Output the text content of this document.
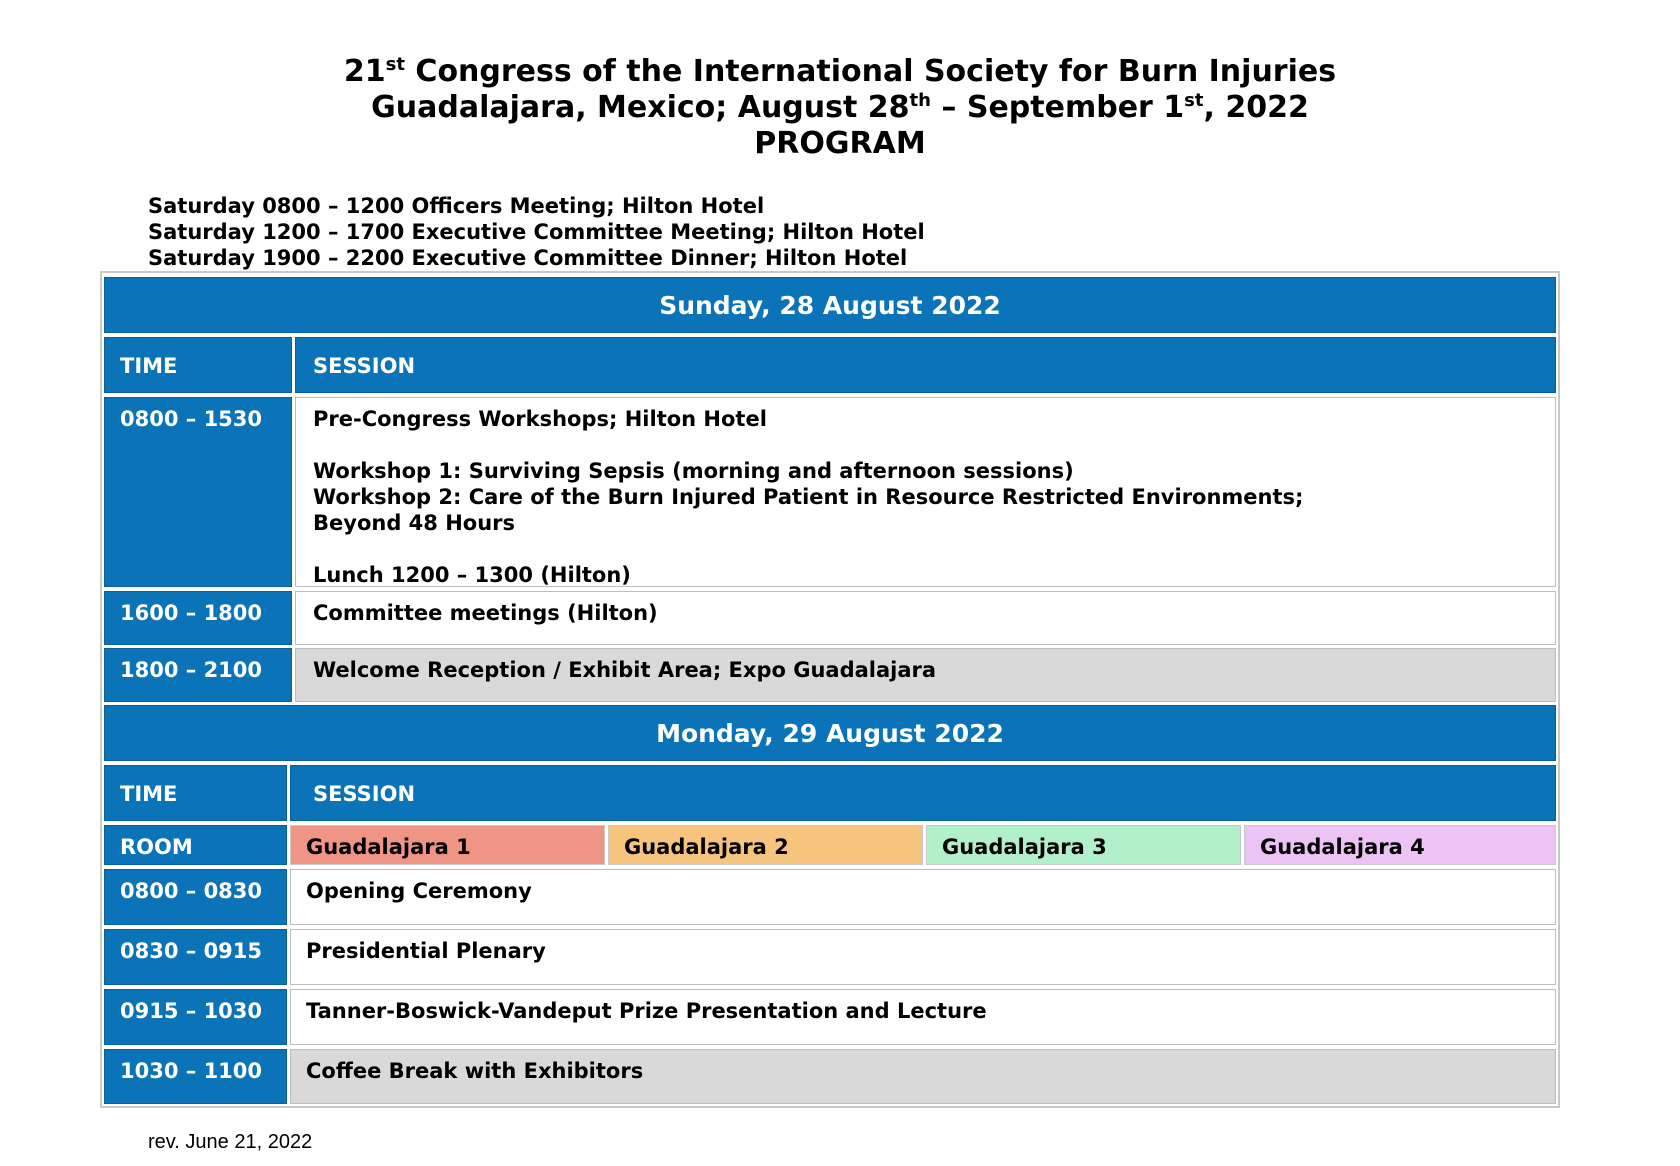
21st Congress of the International Society for Burn Injuries
Guadalajara, Mexico; August 28th – September 1st, 2022
PROGRAM
Saturday 0800 – 1200 Officers Meeting; Hilton Hotel
Saturday 1200 – 1700 Executive Committee Meeting; Hilton Hotel
Saturday 1900 – 2200 Executive Committee Dinner; Hilton Hotel
Sunday, 28 August 2022
TIME	SESSION
0800 – 1530	Pre-Congress Workshops; Hilton Hotel
Workshop 1: Surviving Sepsis (morning and afternoon sessions)
Workshop 2: Care of the Burn Injured Patient in Resource Restricted Environments;
Beyond 48 Hours
Lunch 1200 – 1300 (Hilton)
1600 – 1800	Committee meetings (Hilton)
1800 – 2100	Welcome Reception / Exhibit Area; Expo Guadalajara
Monday, 29 August 2022
TIME	SESSION
ROOM	Guadalajara 1	Guadalajara 2	Guadalajara 3	Guadalajara 4
0800 – 0830	Opening Ceremony
0830 – 0915	Presidential Plenary
0915 – 1030	Tanner-Boswick-Vandeput Prize Presentation and Lecture
1030 – 1100	Coffee Break with Exhibitors
rev. June 21, 2022
